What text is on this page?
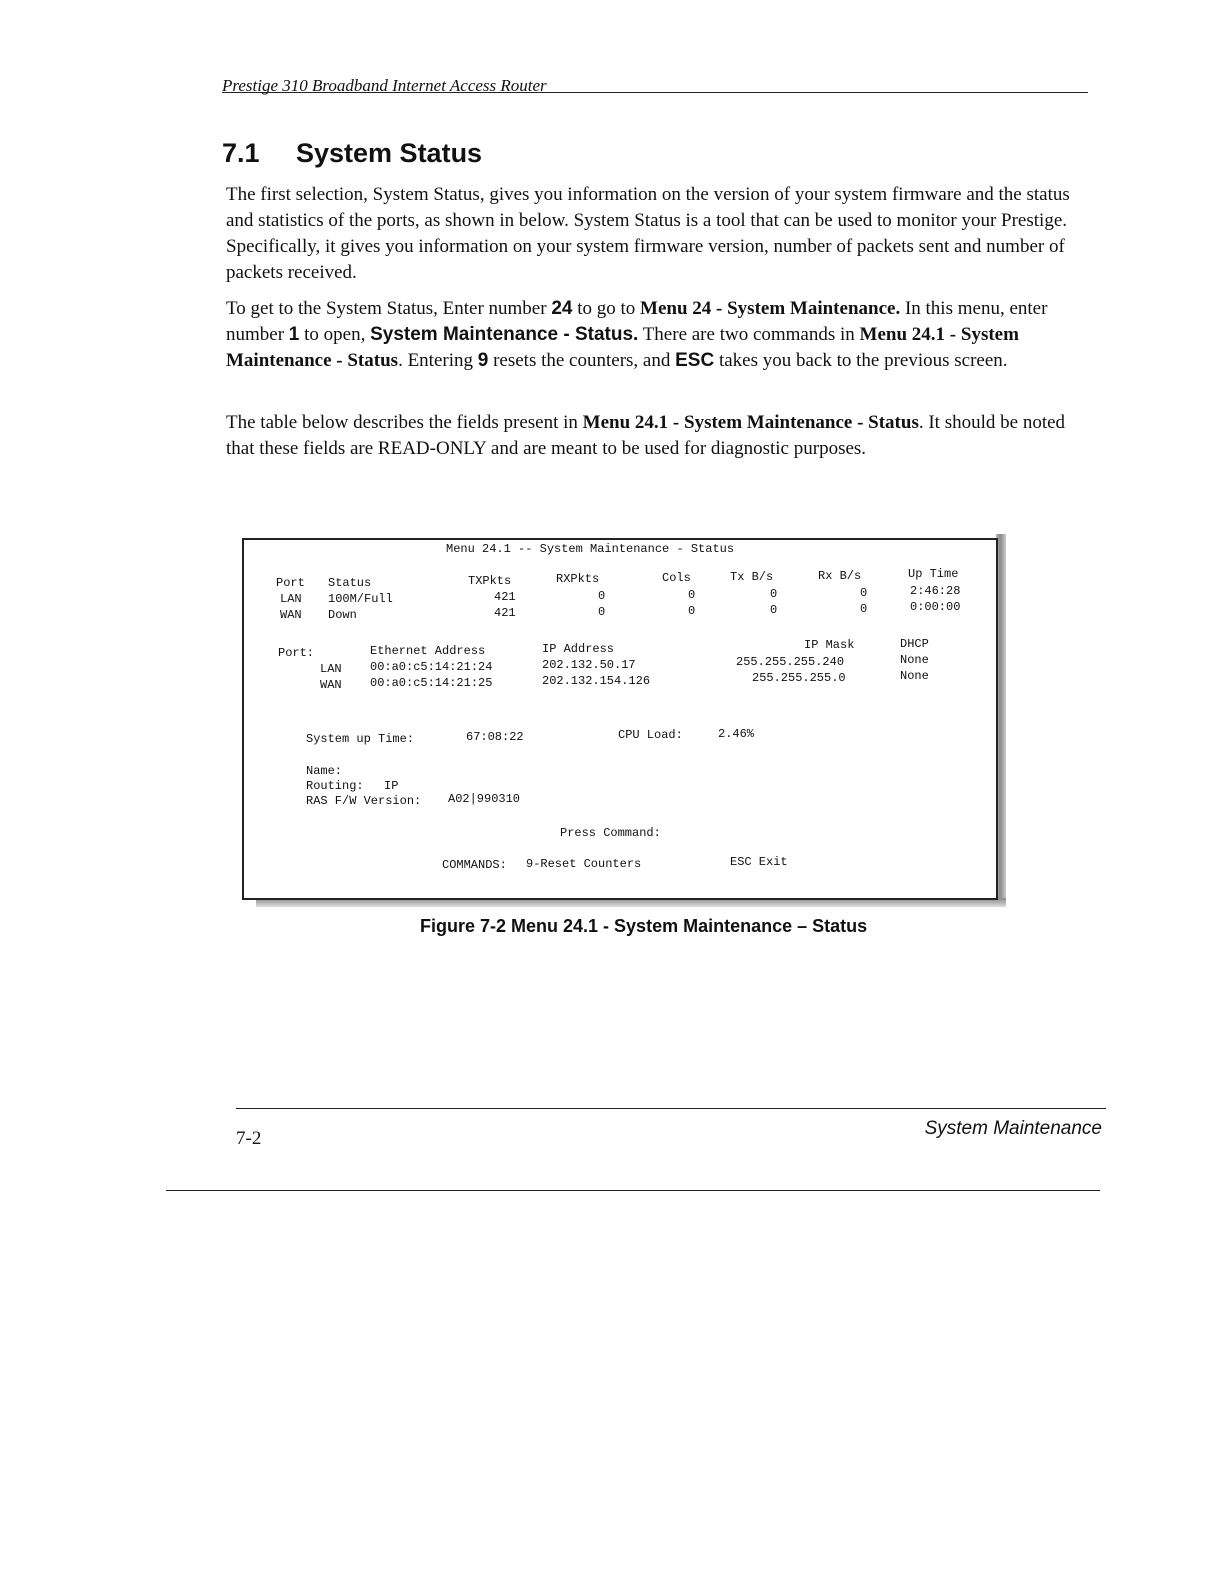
Prestige 310 Broadband Internet Access Router
7.1 System Status

The first selection, System Status, gives you information on the version of your system firmware and the status and statistics of the ports, as shown in below. System Status is a tool that can be used to monitor your Prestige. Specifically, it gives you information on your system firmware version, number of packets sent and number of packets received.

To get to the System Status, Enter number 24 to go to Menu 24 - System Maintenance. In this menu, enter number 1 to open, System Maintenance - Status. There are two commands in Menu 24.1 - System Maintenance - Status. Entering 9 resets the counters, and ESC takes you back to the previous screen.

The table below describes the fields present in Menu 24.1 - System Maintenance - Status. It should be noted that these fields are READ-ONLY and are meant to be used for diagnostic purposes.

Menu 24.1 -- System Maintenance - Status
Port Status	TXPkts	RXPkts	Cols	Tx B/s	Rx B/s	Up Time
LAN 100M/Full	421	0	0	0	0	2:46:28
WAN Down	421	0	0	0	0	0:00:00
Port:	Ethernet Address	IP Address	IP Mask	DHCP
LAN 00:a0:c5:14:21:24	202.132.50.17	255.255.255.240	None
WAN 00:a0:c5:14:21:25	202.132.154.126	255.255.255.0	None
System up Time:	67:08:22	CPU Load:	2.46%
Name:
Routing: IP
RAS F/W Version: A02|990310
Press Command:
COMMANDS: 9-Reset Counters	ESC Exit
Figure 7-2 Menu 24.1 - System Maintenance – Status
7-2	System Maintenance
